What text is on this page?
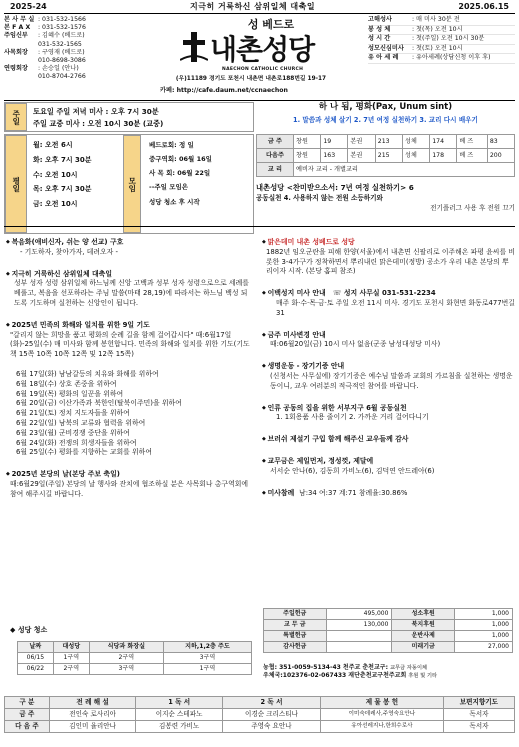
2025-24	지극히 거룩하신 삼위일체 대축일	2025.06.15
본 사 무 실 : 031-532-1566
본 F A X	: 031-532-1576
주임신부	: 김혜수 (베드로)
031-532-1565
사목회장	: 구영재 (베드로)
010-8698-3086
연령회장	: 손승일 (안나)
010-8704-2766
성 베드로
내촌성당
NAECHON CATHOLIC CHURCH
(우)11189 경기도 포천시 내촌면 내촌로188번길 19-17
카페: http://cafe.daum.net/ccnaechon
고해성사	: 매 미사 30분 전
봉 성 체	: 첫(목) 오전 10시
성 시 간	: 첫(주일) 오전 10시 30분
성모신심미사	: 첫(토) 오전 10시
유 아 세 례	: 유아세례(상담신청 이후 후)
주일	토요일 주일 저녁 미사 : 오후 7시 30분
주일 교중 미사 : 오전 10시 30분 (교중)
하 나 됨, 평화(Pax, Unum sint)
1. 말씀과 성체 살기 2. 7년 여정 실천하기 3. 교리 다시 배우기
평일
월: 오전 6시
화: 오후 7시 30분
수: 오전 10시
목: 오후 7시 30분
금: 오전 10시
모임
베드로회: 정 일
중구역회: 06월 16일
사 목 회: 06월 22일
--주일 모임은
성당 청소 후 시작
금 주	창원	19	본권	213	성체	174	베 즈	83
다음주	창원	163	본권	215	성체	178	베 즈	200
교 리	예비자 교리 - 개별교리							
내촌성당 <찬미받으소서: 7년 여정 실천하기> 6
공동실천 4. 사용하지 않는 전원 소등하기와
전기플러그 사용 후 전원 끄기
◆ 복음화(애비신자, 쉬는 양 선교) 구호
- 기도하자, 찾아가자, 데려오자 -
◆ 지극히 거룩하신 삼위일체 대축일
성부 성자 성령 삼위일체 하느님께 신앙 고백과 성부 성자 성령으로으로 세례를 베풀고, 복음을 선포하라는 주님 말씀(마태 28,19)에 따라서는 하느님 백성 되도록 기도하며 실천하는 신앙인이 됩니다.
◆ 2025년 민족의 화해와 일치를 위한 9일 기도
"갈리지 않는 희망을 품고 평화의 순례 길을 함께 걸어갑시다" 때:6월17일(화)-25일(수) 매 미사와 함께 봉헌합니다. 민족의 화해와 일치를 위한 기도(기도책 15쪽 10쪽 10쪽 12쪽 및 12쪽 15쪽)
6월 17일(화) 남남갈등의 치유와 화해를 위하여
6월 18일(수) 상호 존중을 위하여
6월 19일(목) 평화의 일꾼을 위하여
6월 20일(금) 이산가족과 북한인(탈북이주민)을 위하여
6월 21일(토) 정치 지도자들을 위하여
6월 22일(일) 남북의 교류와 협력을 위하여
6월 23일(월) 군비경쟁 중단을 위하여
6월 24일(화) 전쟁의 희생자들을 위하여
6월 25일(수) 평화를 지향하는 교회를 위하여
◆ 2025년 본당의 날(본당 주보 축일)
때:6월29일(주일) 본당의 날 행사와 잔치에 협조하실 분은 사목회나 총구역회에 참여 해주시길 바랍니다.
◆ 맑은데미 내촌 성베드로 성당
1882년 임오군란을 피해 한양(서울)에서 내촌면 신팔리로 이주해온 파평 윤씨를 비롯한 3-4가구가 정착하면서 뿌리내린 맑은데미(정방) 공소가 우리 내촌 본당의 뿌리이자 시작. (본당 홈피 참조)
◆ 이백성지 미사 안내 ☏ 성지 사무실 031-531-2234
매주 화·수·목·금·토 주일 오전 11시 미사. 경기도 포천시 화현면 화동로477번길 31
◆ 금주 미사변경 안내
때:06월20일(금) 10시 미사 없음(군종 남성대성당 미사)
◆ 생명운동 - 장기기증 안내
(신청서는 사무실에) 장기기증은 예수님 말씀과 교회의 가르침을 실천하는 생명운동이니, 교우 여러분의 적극적인 참여를 바랍니다.
◆ 인류 공동의 집을 위한 서부지구 6월 공동실천
1. 1회용품 사용 줄이기 2. 가까운 거리 걸어다니기
◆ 브러쉬 제설기 구입 함께 해주신 교우들께 감사
◆ 교무금은 제일먼저, 정성껏, 제달에
서서순 안나(6), 김동희 가비노(6), 김덕연 안드레아(6)
◆ 미사참례 남:34 여:37 계:71 참례율:30.86%
주일헌금	495,000	성소후원	1,000
교 무 금	130,000	북지후원	1,000
특별헌금		운반사제	1,000
감사헌금		미래기금	27,000
농협: 351-0059-5134-43 천주교 춘천교구: 교무금 자동이체
우체국:102376-02-067433 재단춘천교구천주교회 후원 및 기타
◆ 성당 청소
날짜	대성당	식당과 화장실	지하,1,2층 주도
06/15	1구역	2구역	3구역
06/22	2구역	3구역	1구역
구 분	전 례 해 설	1 독 서	2 독 서	제 물 봉 헌	보편지향기도
금 주	전인숙 로사리아	이지순 스테파노	이경순 크리스티나	이미숙데레사,주영숙요안나	독서자
다 음 주	김인미 율리안나	김봉련 가비노	주영숙 요안나	유아선레지나,한희수로사	독서자
